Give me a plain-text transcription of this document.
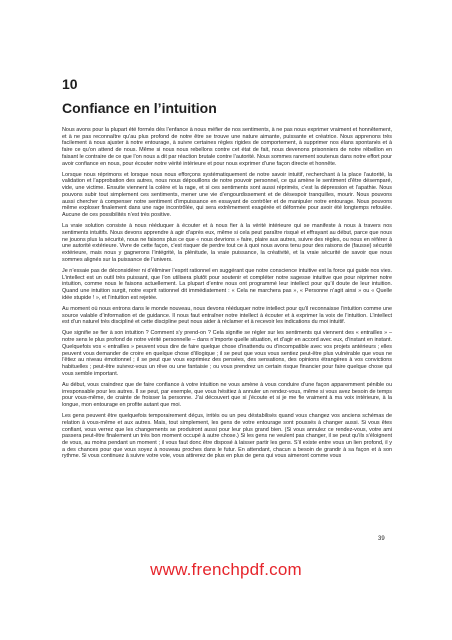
10
Confiance en l’intuition

Nous avons pour la plupart été formés dès l’enfance à nous méfier de nos sentiments, à ne pas nous exprimer vraiment et honnêtement, et à ne pas reconnaître qu’au plus profond de notre être se trouve une nature aimante, puissante et créatrice. Nous apprenons très facilement à nous ajuster à notre entourage, à suivre certaines règles rigides de comportement, à supprimer nos élans spontanés et à faire ce qu’on attend de nous. Même si nous nous rebellons contre cet état de fait, nous devenons prisonniers de notre rébellion en faisant le contraire de ce que l’on nous a dit par réaction brutale contre l’autorité. Nous sommes rarement soutenus dans notre effort pour avoir confiance en nous, pour écouter notre vérité intérieure et pour nous exprimer d’une façon directe et honnête.

Lorsque nous réprimons et lorsque nous nous efforçons systématiquement de notre savoir intuitif, recherchant à la place l’autorité, la validation et l’approbation des autres, nous nous dépouillons de notre pouvoir personnel, ce qui amène le sentiment d’être désemparé, vide, une victime. Ensuite viennent la colère et la rage, et si ces sentiments sont aussi réprimés, c’est la dépression et l’apathie. Nous pouvons subir tout simplement ces sentiments, mener une vie d’engourdissement et de désespoir tranquilles, mourir. Nous pouvons aussi chercher à compenser notre sentiment d’impuissance en essayant de contrôler et de manipuler notre entourage. Nous pouvons même exploser finalement dans une rage incontrôlée, qui sera extrêmement exagérée et déformée pour avoir été longtemps refoulée. Aucune de ces possibilités n’est très positive.

La vraie solution consiste à nous rééduquer à écouter et à nous fier à la vérité intérieure qui se manifeste à nous à travers nos sentiments intuitifs. Nous devons apprendre à agir d’après eux, même si cela peut paraître risqué et effrayant au début, parce que nous ne jouons plus la sécurité, nous ne faisons plus ce que « nous devrions » faire, plaire aux autres, suivre des règles, ou nous en référer à une autorité extérieure. Vivre de cette façon, c’est risquer de perdre tout ce à quoi nous avons tenu pour des raisons de (fausse) sécurité extérieure, mais nous y gagnerons l’intégrité, la plénitude, la vraie puissance, la créativité, et la vraie sécurité de savoir que nous sommes alignés sur la puissance de l’univers.

Je n’essaie pas de déconsidérer ni d’éliminer l’esprit rationnel en suggérant que notre conscience intuitive est la force qui guide nos vies. L’intellect est un outil très puissant, que l’on utilisera plutôt pour soutenir et compléter notre sagesse intuitive que pour réprimer notre intuition, comme nous le faisons actuellement. La plupart d’entre nous ont programmé leur intellect pour qu’il doute de leur intuition. Quand une intuition surgit, notre esprit rationnel dit immédiatement : « Cela ne marchera pas », « Personne n’agit ainsi » ou « Quelle idée stupide ! », et l’intuition est rejetée.

Au moment où nous entrons dans le monde nouveau, nous devons rééduquer notre intellect pour qu’il reconnaisse l’intuition comme une source valable d’information et de guidance. Il nous faut entraîner notre intellect à écouter et à exprimer la voix de l’intuition. L’intellect est d’un naturel très discipliné et cette discipline peut nous aider à réclamer et à recevoir les indications du moi intuitif.

Que signifie se fier à son intuition ? Comment s’y prend-on ? Cela signifie se régler sur les sentiments qui viennent des « entrailles » – notre sens le plus profond de notre vérité personnelle – dans n’importe quelle situation, et d’agir en accord avec eux, d’instant en instant. Quelquefois vos « entrailles » peuvent vous dire de faire quelque chose d’inattendu ou d’incompatible avec vos projets antérieurs ; elles peuvent vous demander de croire en quelque chose d’illogique ; il se peut que vous vous sentiez peut-être plus vulnérable que vous ne l’êtiez au niveau émotionnel ; il se peut que vous exprimiez des pensées, des sensations, des opinions étrangères à vos convictions habituelles ; peut-être suivrez-vous un rêve ou une fantaisie ; ou vous prendrez un certain risque financier pour faire quelque chose qui vous semble important.

Au début, vous craindrez que de faire confiance à votre intuition ne vous amène à vous conduire d’une façon apparemment pénible ou irresponsable pour les autres. Il se peut, par exemple, que vous hésitiez à annuler un rendez-vous, même si vous avez besoin de temps pour vous-même, de crainte de froisser la personne. J’ai découvert que si j’écoute et si je me fie vraiment à ma voix intérieure, à la longue, mon entourage en profite autant que moi.

Les gens peuvent être quelquefois temporairement déçus, irrités ou un peu déstabilisés quand vous changez vos anciens schémas de relation à vous-même et aux autres. Mais, tout simplement, les gens de votre entourage sont poussés à changer aussi. Si vous êtes confiant, vous verrez que les changements se produiront aussi pour leur plus grand bien. (Si vous annulez ce rendez-vous, votre ami passera peut-être finalement un très bon moment occupé à autre chose.) Si les gens ne veulent pas changer, il se peut qu’ils s’éloignent de vous, au moins pendant un moment ; il vous faut donc être disposé à laisser partir les gens. S’il existe entre vous un lien profond, il y a des chances pour que vous soyez à nouveau proches dans le futur. En attendant, chacun a besoin de grandir à sa façon et à son rythme. Si vous continuez à suivre votre voie, vous attirerez de plus en plus de gens qui vous aimeront comme vous

39
www.frenchpdf.com
